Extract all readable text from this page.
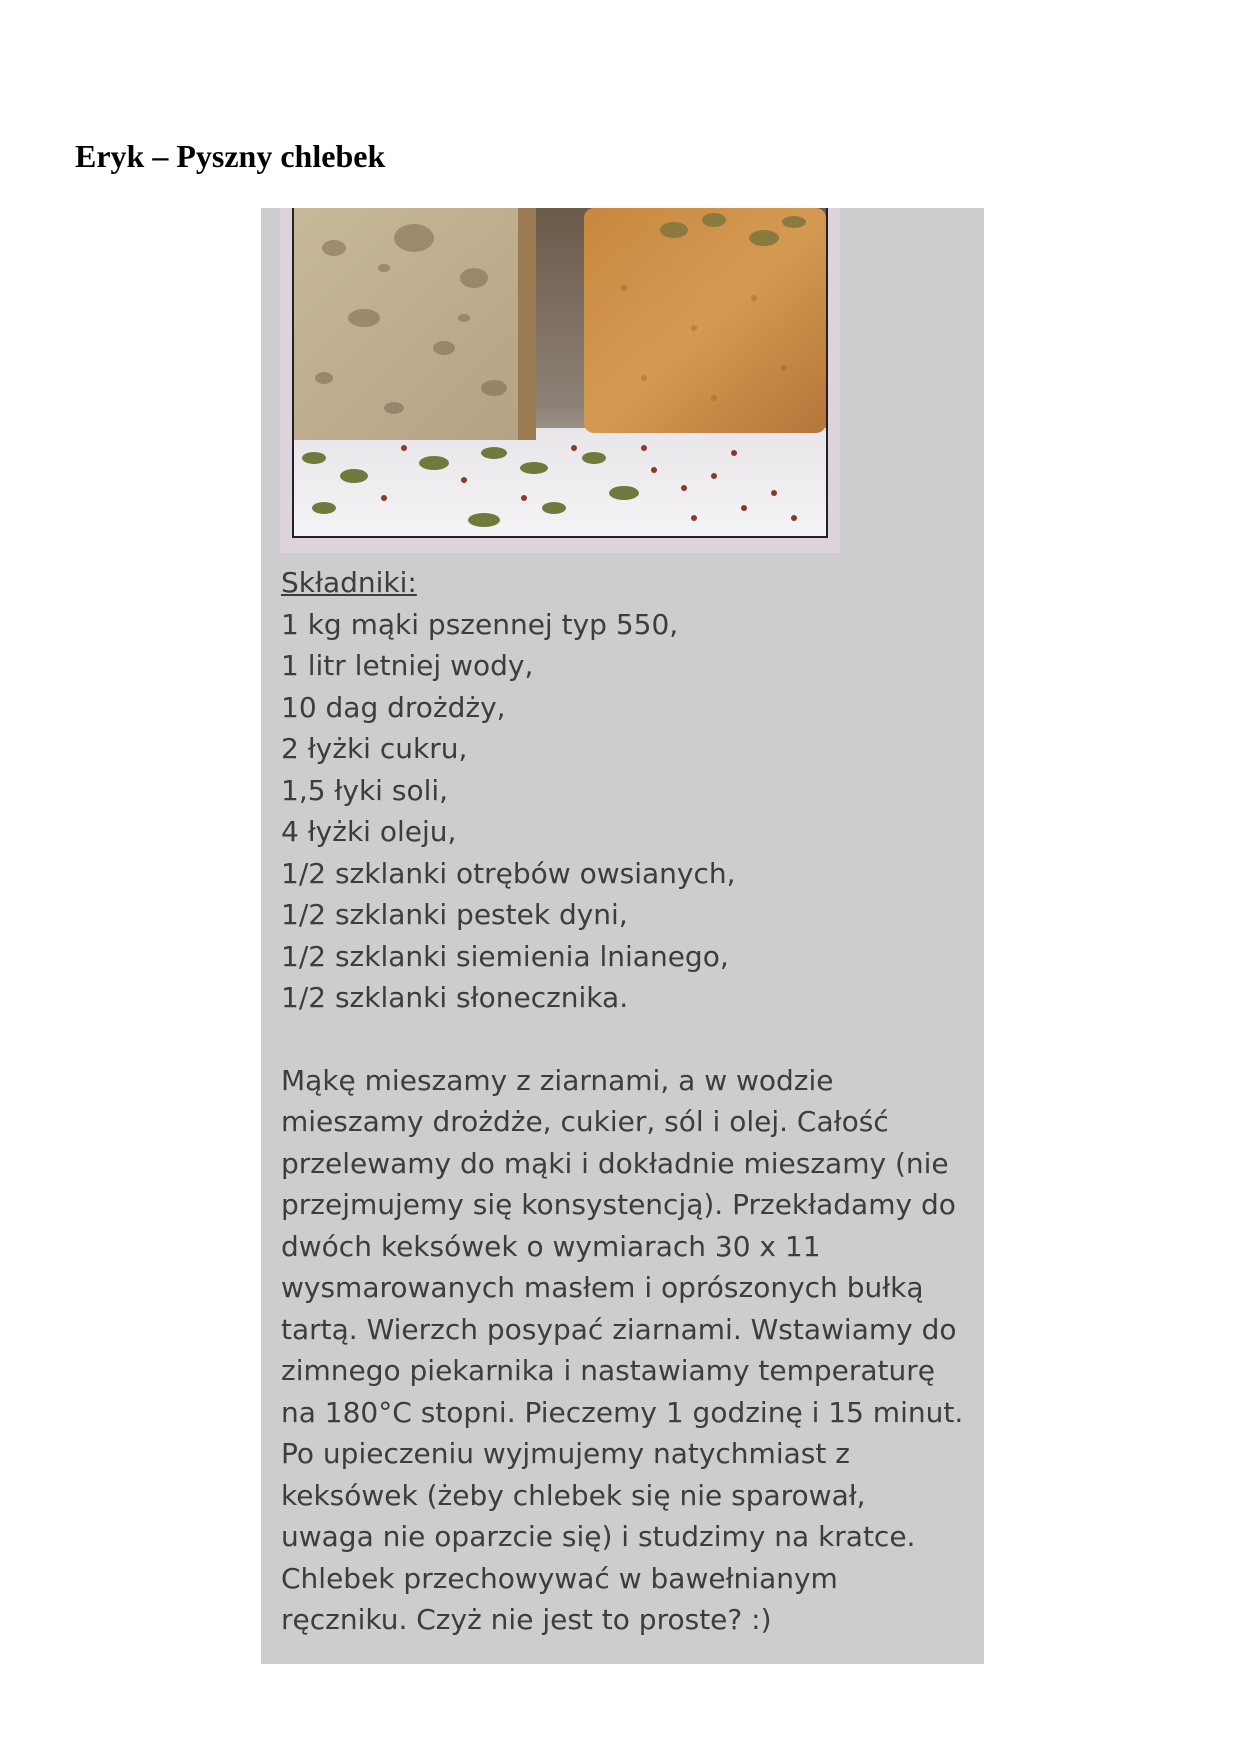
Eryk – Pyszny chlebek
Składniki:
1 kg mąki pszennej typ 550,
1 litr letniej wody,
10 dag drożdży,
2 łyżki cukru,
1,5 łyki soli,
4 łyżki oleju,
1/2 szklanki otrębów owsianych,
1/2 szklanki pestek dyni,
1/2 szklanki siemienia lnianego,
1/2 szklanki słonecznika.
Mąkę mieszamy z ziarnami, a w wodzie
mieszamy drożdże, cukier, sól i olej. Całość
przelewamy do mąki i dokładnie mieszamy (nie
przejmujemy się konsystencją). Przekładamy do
dwóch keksówek o wymiarach 30 x 11
wysmarowanych masłem i oprószonych bułką
tartą. Wierzch posypać ziarnami. Wstawiamy do
zimnego piekarnika i nastawiamy temperaturę
na 180°C stopni. Pieczemy 1 godzinę i 15 minut.
Po upieczeniu wyjmujemy natychmiast z
keksówek (żeby chlebek się nie sparował,
uwaga nie oparzcie się) i studzimy na kratce.
Chlebek przechowywać w bawełnianym
ręczniku. Czyż nie jest to proste? :)
